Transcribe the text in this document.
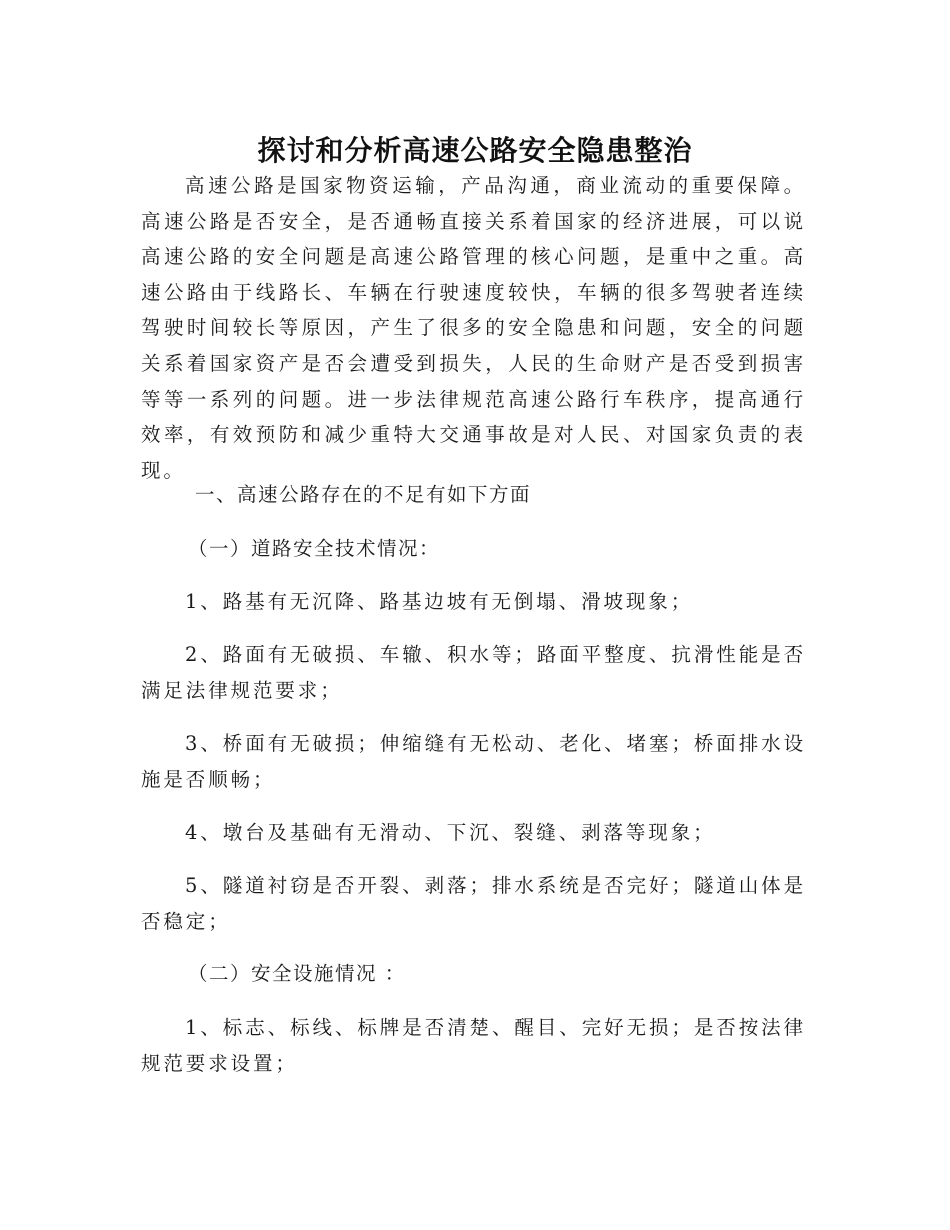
探讨和分析高速公路安全隐患整治

高速公路是国家物资运输，产品沟通，商业流动的重要保障。高速公路是否安全，是否通畅直接关系着国家的经济进展，可以说高速公路的安全问题是高速公路管理的核心问题，是重中之重。高速公路由于线路长、车辆在行驶速度较快，车辆的很多驾驶者连续驾驶时间较长等原因，产生了很多的安全隐患和问题，安全的问题关系着国家资产是否会遭受到损失，人民的生命财产是否受到损害等等一系列的问题。进一步法律规范高速公路行车秩序，提高通行效率，有效预防和减少重特大交通事故是对人民、对国家负责的表现。

一、高速公路存在的不足有如下方面

（一）道路安全技术情况：

1、路基有无沉降、路基边坡有无倒塌、滑坡现象；

2、路面有无破损、车辙、积水等；路面平整度、抗滑性能是否满足法律规范要求；

3、桥面有无破损；伸缩缝有无松动、老化、堵塞；桥面排水设施是否顺畅；

4、墩台及基础有无滑动、下沉、裂缝、剥落等现象；

5、隧道衬窃是否开裂、剥落；排水系统是否完好；隧道山体是否稳定；

（二）安全设施情况 ：

1、标志、标线、标牌是否清楚、醒目、完好无损；是否按法律规范要求设置；
